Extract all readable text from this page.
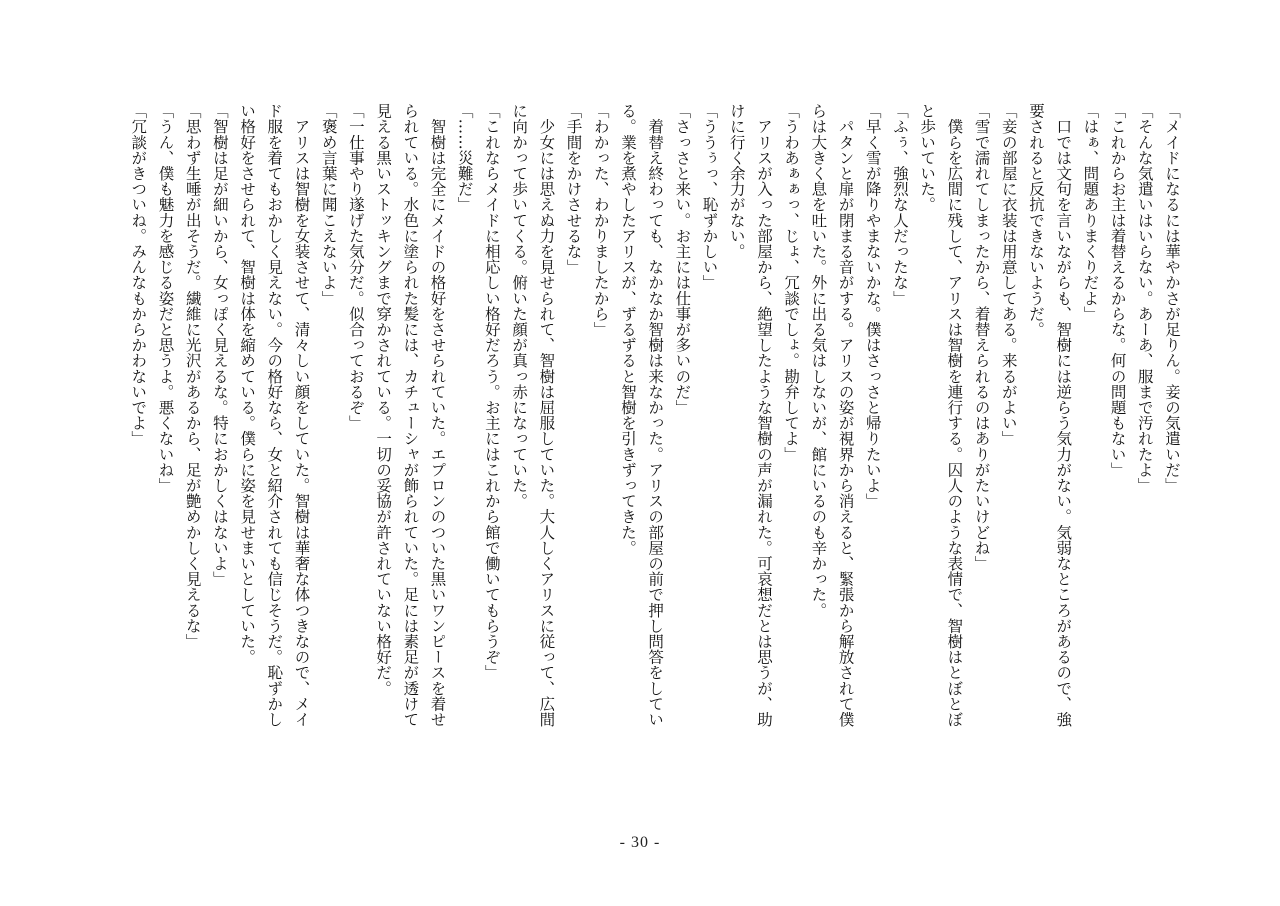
「メイドになるには華やかさが足りん。妾の気遣いだ」
「そんな気遣いはいらない。あーあ、服まで汚れたよ」
「これからお主は着替えるからな。何の問題もない」
「はぁ、問題ありまくりだよ」
　口では文句を言いながらも、智樹には逆らう気力がない。気弱なところがあるので、強
要されると反抗できないようだ。
「妾の部屋に衣装は用意してある。来るがよい」
「雪で濡れてしまったから、着替えられるのはありがたいけどね」
　僕らを広間に残して、アリスは智樹を連行する。囚人のような表情で、智樹はとぼとぼ
と歩いていた。
「ふぅ、強烈な人だったな」
「早く雪が降りやまないかな。僕はさっさと帰りたいよ」
　パタンと扉が閉まる音がする。アリスの姿が視界から消えると、緊張から解放されて僕
らは大きく息を吐いた。外に出る気はしないが、館にいるのも辛かった。
「うわあぁぁっ、じょ、冗談でしょ。勘弁してよ」
　アリスが入った部屋から、絶望したような智樹の声が漏れた。可哀想だとは思うが、助
けに行く余力がない。
「ううぅっ、恥ずかしい」
「さっさと来い。お主には仕事が多いのだ」
　着替え終わっても、なかなか智樹は来なかった。アリスの部屋の前で押し問答をしてい
る。業を煮やしたアリスが、ずるずると智樹を引きずってきた。
「わかった、わかりましたから」
「手間をかけさせるな」
　少女には思えぬ力を見せられて、智樹は屈服していた。大人しくアリスに従って、広間
に向かって歩いてくる。俯いた顔が真っ赤になっていた。
「これならメイドに相応しい格好だろう。お主にはこれから館で働いてもらうぞ」
「……災難だ」
　智樹は完全にメイドの格好をさせられていた。エプロンのついた黒いワンピースを着せ
られている。水色に塗られた髪には、カチューシャが飾られていた。足には素足が透けて
見える黒いストッキングまで穿かされている。一切の妥協が許されていない格好だ。
「一仕事やり遂げた気分だ。似合っておるぞ」
「褒め言葉に聞こえないよ」
　アリスは智樹を女装させて、清々しい顔をしていた。智樹は華奢な体つきなので、メイ
ド服を着てもおかしく見えない。今の格好なら、女と紹介されても信じそうだ。恥ずかし
い格好をさせられて、智樹は体を縮めている。僕らに姿を見せまいとしていた。
「智樹は足が細いから、女っぽく見えるな。特におかしくはないよ」
「思わず生唾が出そうだ。繊維に光沢があるから、足が艶めかしく見えるな」
「うん、僕も魅力を感じる姿だと思うよ。悪くないね」
「冗談がきついね。みんなもからかわないでよ」
- 30 -
